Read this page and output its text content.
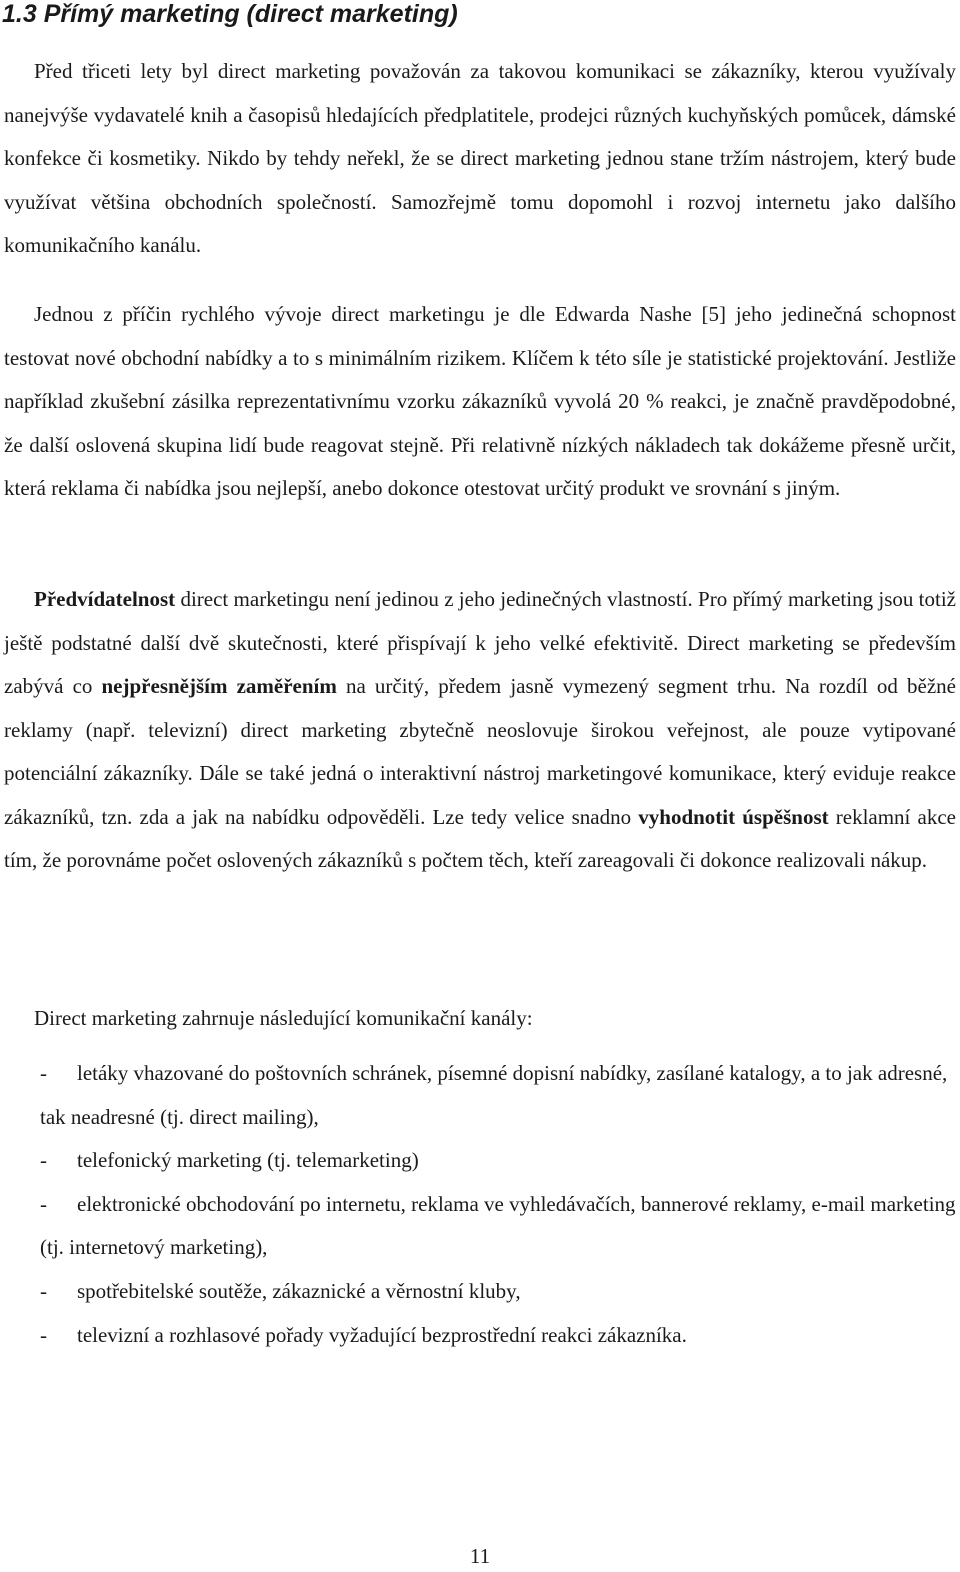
1.3 Přímý marketing (direct marketing)

Před třiceti lety byl direct marketing považován za takovou komunikaci se zákazníky, kterou využívaly nanejvýše vydavatelé knih a časopisů hledajících předplatitele, prodejci různých kuchyňských pomůcek, dámské konfekce či kosmetiky. Nikdo by tehdy neřekl, že se direct marketing jednou stane tržím nástrojem, který bude využívat většina obchodních společností. Samozřejmě tomu dopomohl i rozvoj internetu jako dalšího komunikačního kanálu.

Jednou z příčin rychlého vývoje direct marketingu je dle Edwarda Nashe [5] jeho jedinečná schopnost testovat nové obchodní nabídky a to s minimálním rizikem. Klíčem k této síle je statistické projektování. Jestliže například zkušební zásilka reprezentativnímu vzorku zákazníků vyvolá 20 % reakci, je značně pravděpodobné, že další oslovená skupina lidí bude reagovat stejně. Při relativně nízkých nákladech tak dokážeme přesně určit, která reklama či nabídka jsou nejlepší, anebo dokonce otestovat určitý produkt ve srovnání s jiným.

Předvídatelnost direct marketingu není jedinou z jeho jedinečných vlastností. Pro přímý marketing jsou totiž ještě podstatné další dvě skutečnosti, které přispívají k jeho velké efektivitě. Direct marketing se především zabývá co nejpřesnějším zaměřením na určitý, předem jasně vymezený segment trhu. Na rozdíl od běžné reklamy (např. televizní) direct marketing zbytečně neoslovuje širokou veřejnost, ale pouze vytipované potenciální zákazníky. Dále se také jedná o interaktivní nástroj marketingové komunikace, který eviduje reakce zákazníků, tzn. zda a jak na nabídku odpověděli. Lze tedy velice snadno vyhodnotit úspěšnost reklamní akce tím, že porovnáme počet oslovených zákazníků s počtem těch, kteří zareagovali či dokonce realizovali nákup.

Direct marketing zahrnuje následující komunikační kanály:

- letáky vhazované do poštovních schránek, písemné dopisní nabídky, zasílané katalogy, a to jak adresné, tak neadresné (tj. direct mailing),
- telefonický marketing (tj. telemarketing)
- elektronické obchodování po internetu, reklama ve vyhledávačích, bannerové reklamy, e-mail marketing (tj. internetový marketing),
- spotřebitelské soutěže, zákaznické a věrnostní kluby,
- televizní a rozhlasové pořady vyžadující bezprostřední reakci zákazníka.
11
